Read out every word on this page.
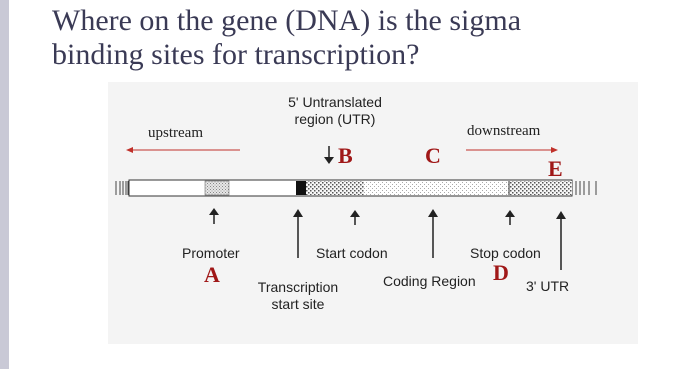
Where on the gene (DNA) is the sigma
binding sites for transcription?
5' Untranslated
region (UTR)
upstream	downstream
B	C
E
Promoter
A
Start codon	Stop codon
Transcription
start site
Coding Region D
3' UTR
